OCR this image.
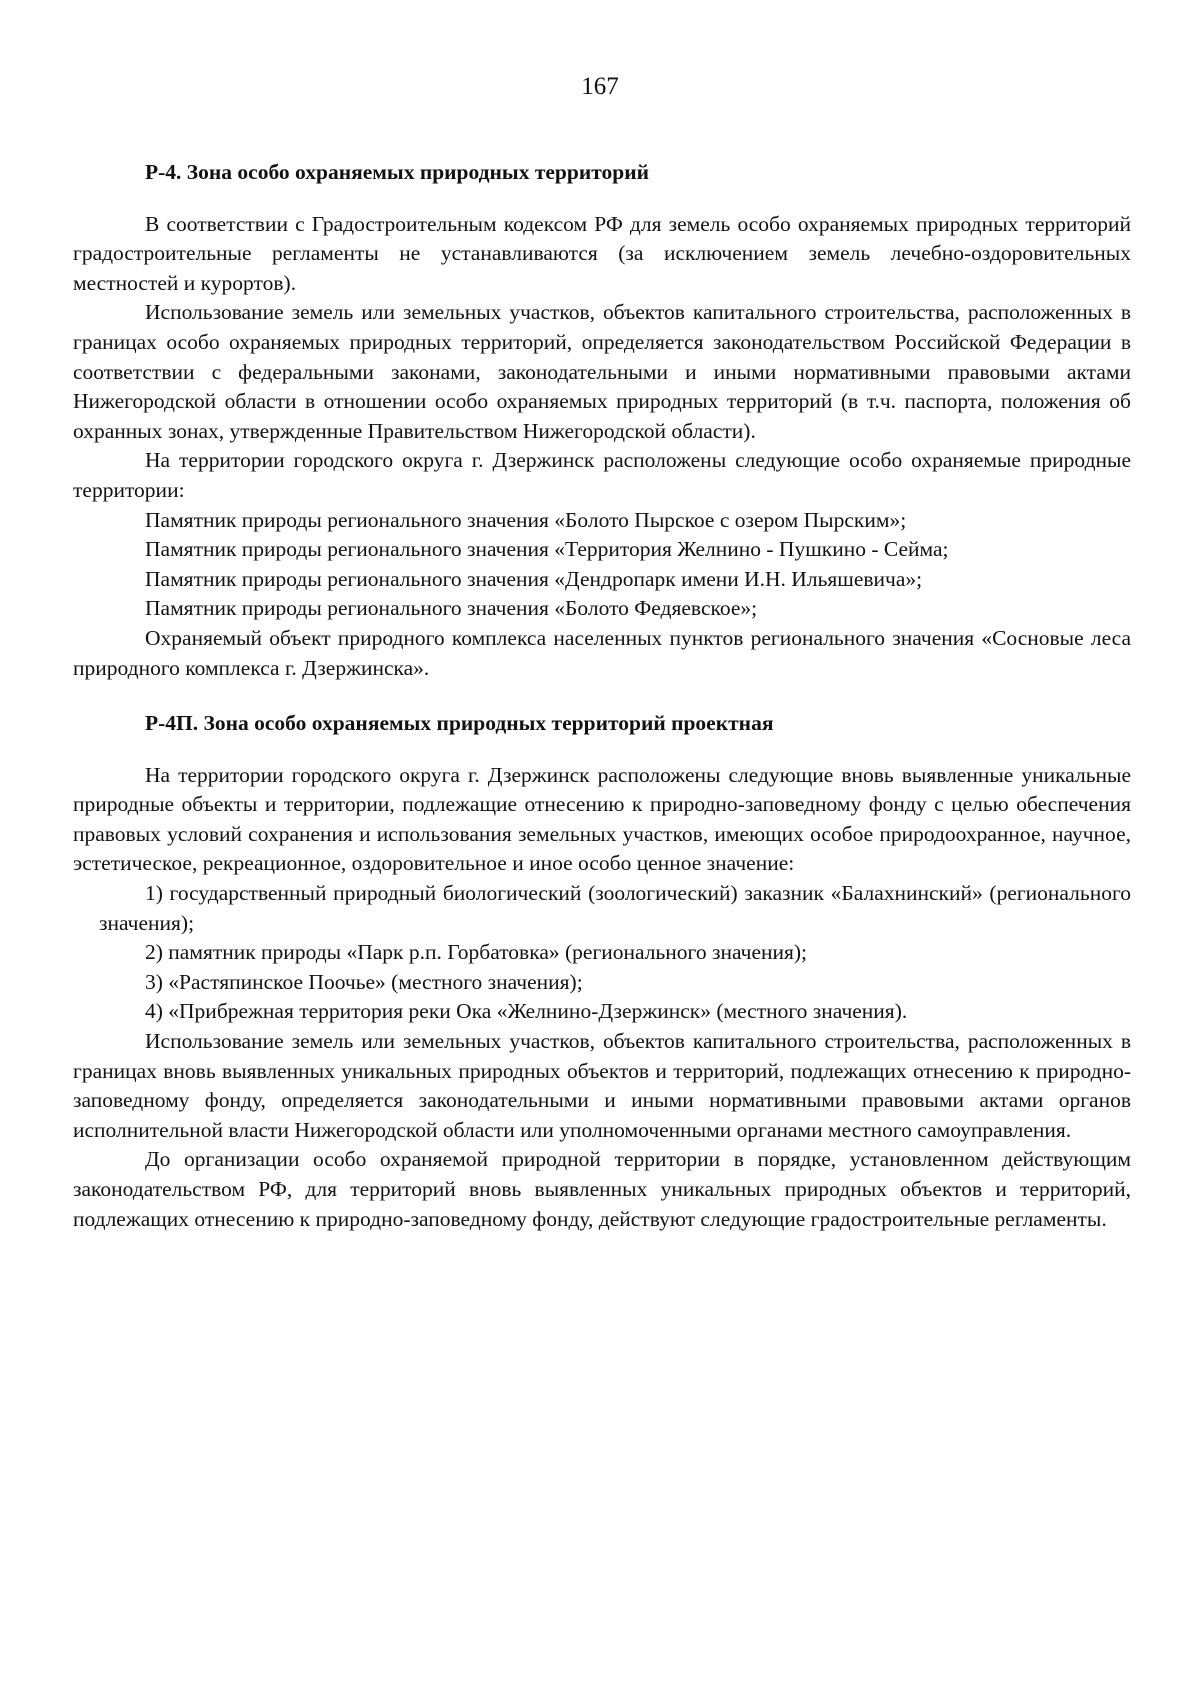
167
Р-4. Зона особо охраняемых природных территорий

В соответствии с Градостроительным кодексом РФ для земель особо охраняемых природных территорий градостроительные регламенты не устанавливаются (за исключением земель лечебно-оздоровительных местностей и курортов).

Использование земель или земельных участков, объектов капитального строительства, расположенных в границах особо охраняемых природных территорий, определяется законодательством Российской Федерации в соответствии с федеральными законами, законодательными и иными нормативными правовыми актами Нижегородской области в отношении особо охраняемых природных территорий (в т.ч. паспорта, положения об охранных зонах, утвержденные Правительством Нижегородской области).

На территории городского округа г. Дзержинск расположены следующие особо охраняемые природные территории:

Памятник природы регионального значения «Болото Пырское с озером Пырским»;

Памятник природы регионального значения «Территория Желнино - Пушкино - Сейма;

Памятник природы регионального значения «Дендропарк имени И.Н. Ильяшевича»;

Памятник природы регионального значения «Болото Федяевское»;

Охраняемый объект природного комплекса населенных пунктов регионального значения «Сосновые леса природного комплекса г. Дзержинска».

Р-4П. Зона особо охраняемых природных территорий проектная

На территории городского округа г. Дзержинск расположены следующие вновь выявленные уникальные природные объекты и территории, подлежащие отнесению к природно-заповедному фонду с целью обеспечения правовых условий сохранения и использования земельных участков, имеющих особое природоохранное, научное, эстетическое, рекреационное, оздоровительное и иное особо ценное значение:

1) государственный природный биологический (зоологический) заказник «Балахнинский» (регионального значения);
2) памятник природы «Парк р.п. Горбатовка» (регионального значения);
3) «Растяпинское Поочье» (местного значения);
4) «Прибрежная территория реки Ока «Желнино-Дзержинск» (местного значения).

Использование земель или земельных участков, объектов капитального строительства, расположенных в границах вновь выявленных уникальных природных объектов и территорий, подлежащих отнесению к природно-заповедному фонду, определяется законодательными и иными нормативными правовыми актами органов исполнительной власти Нижегородской области или уполномоченными органами местного самоуправления.

До организации особо охраняемой природной территории в порядке, установленном действующим законодательством РФ, для территорий вновь выявленных уникальных природных объектов и территорий, подлежащих отнесению к природно-заповедному фонду, действуют следующие градостроительные регламенты.
